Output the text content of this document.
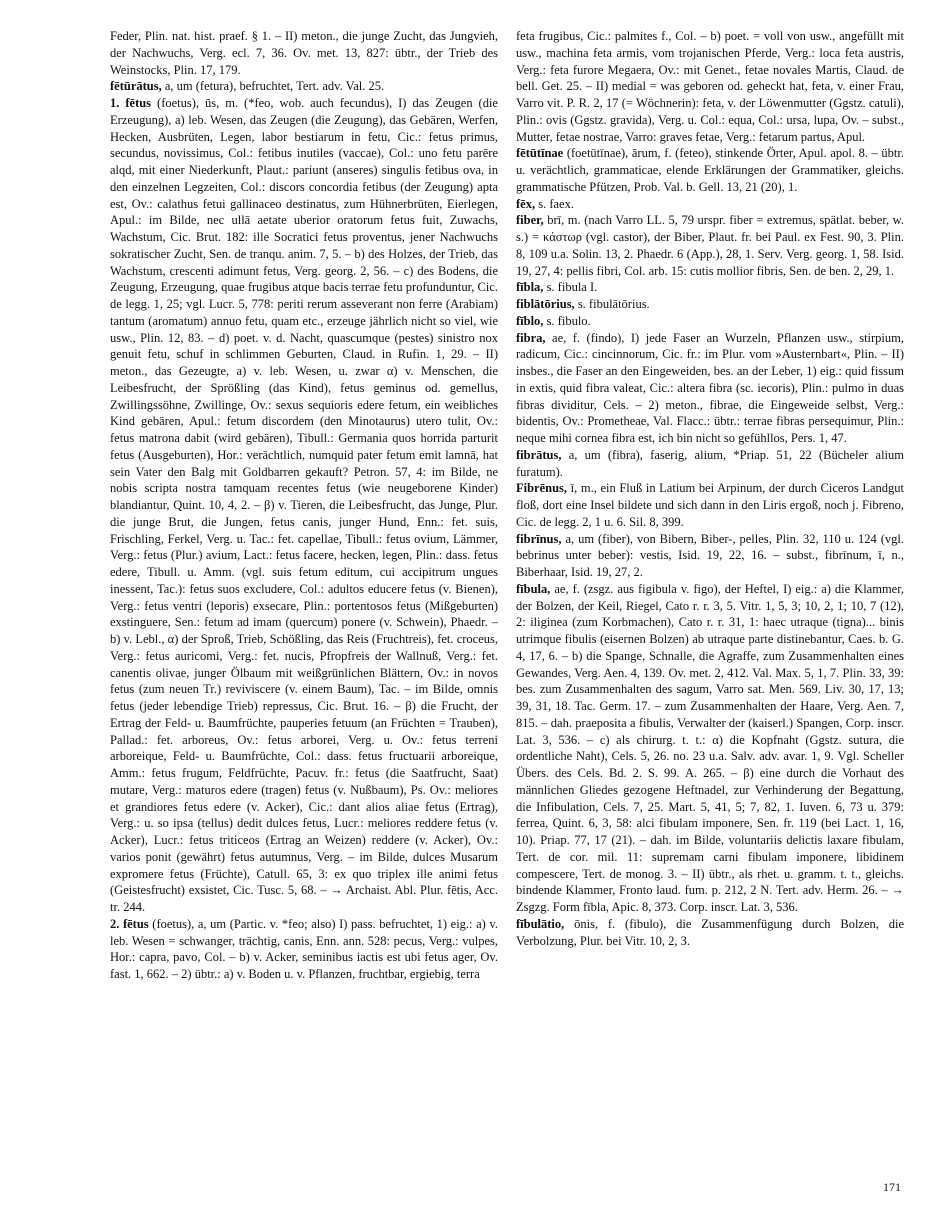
Feder, Plin. nat. hist. praef. § 1. – II) meton., die junge Zucht, das Jungvieh, der Nachwuchs, Verg. ecl. 7, 36. Ov. met. 13, 827: übtr., der Trieb des Weinstocks, Plin. 17, 179.

fētūrātus, a, um (fetura), befruchtet, Tert. adv. Val. 25.

1. fētus (foetus), ūs, m. (*feo, wob. auch fecundus), I) das Zeugen (die Erzeugung), a) leb. Wesen, das Zeugen (die Zeugung), das Gebären, Werfen, Hecken, Ausbrüten, Legen, labor bestiarum in fetu, Cic.: fetus primus, secundus, novissimus, Col.: fetibus inutiles (vaccae), Col.: uno fetu parēre alqd, mit einer Niederkunft, Plaut.: pariunt (anseres) singulis fetibus ova, in den einzelnen Legzeiten, Col.: discors concordia fetibus (der Zeugung) apta est, Ov.: calathus fetui gallinaceo destinatus, zum Hühnerbrüten, Eierlegen, Apul.: im Bilde, nec ullā aetate uberior oratorum fetus fuit, Zuwachs, Wachstum, Cic. Brut. 182: ille Socratici fetus proventus, jener Nachwuchs sokratischer Zucht, Sen. de tranqu. anim. 7, 5. – b) des Holzes, der Trieb, das Wachstum, crescenti adimunt fetus, Verg. georg. 2, 56. – c) des Bodens, die Zeugung, Erzeugung, quae frugibus atque bacis terrae fetu profunduntur, Cic. de legg. 1, 25; vgl. Lucr. 5, 778: periti rerum asseverant non ferre (Arabiam) tantum (aromatum) annuo fetu, quam etc., erzeuge jährlich nicht so viel, wie usw., Plin. 12, 83. – d) poet. v. d. Nacht, quascumque (pestes) sinistro nox genuit fetu, schuf in schlimmen Geburten, Claud. in Rufin. 1, 29. – II) meton., das Gezeugte, a) v. leb. Wesen, u. zwar α) v. Menschen, die Leibesfrucht, der Sprößling (das Kind), fetus geminus od. gemellus, Zwillingssöhne, Zwillinge, Ov.: sexus sequioris edere fetum, ein weibliches Kind gebären, Apul.: fetum discordem (den Minotaurus) utero tulit, Ov.: fetus matrona dabit (wird gebären), Tibull.: Germania quos horrida parturit fetus (Ausgeburten), Hor.: verāchtlich, numquid pater fetum emit lamnā, hat sein Vater den Balg mit Goldbarren gekauft? Petron. 57, 4: im Bilde, ne nobis scripta nostra tamquam recentes fetus (wie neugeborene Kinder) blandiantur, Quint. 10, 4, 2. – β) v. Tieren, die Leibesfrucht, das Junge, Plur. die junge Brut, die Jungen, fetus canis, junger Hund, Enn.: fet. suis, Frischling, Ferkel, Verg. u. Tac.: fet. capellae, Tibull.: fetus ovium, Lämmer, Verg.: fetus (Plur.) avium, Lact.: fetus facere, hecken, legen, Plin.: dass. fetus edere, Tibull. u. Amm. (vgl. suis fetum editum, cui accipitrum ungues inessent, Tac.): fetus suos excludere, Col.: adultos educere fetus (v. Bienen), Verg.: fetus ventri (leporis) exsecare, Plin.: portentosos fetus (Mißgeburten) exstinguere, Sen.: fetum ad imam (quercum) ponere (v. Schwein), Phaedr. – b) v. Lebl., α) der Sproß, Trieb, Schößling, das Reis (Fruchtreis), fet. croceus, Verg.: fetus auricomi, Verg.: fet. nucis, Pfropfreis der Wallnuß, Verg.: fet. canentis olivae, junger Ölbaum mit weißgrünlichen Blättern, Ov.: in novos fetus (zum neuen Tr.) reviviscere (v. einem Baum), Tac. – im Bilde, omnis fetus (jeder lebendige Trieb) repressus, Cic. Brut. 16. – β) die Frucht, der Ertrag der Feld- u. Baumfrüchte, pauperies fetuum (an Früchten = Trauben), Pallad.: fet. arboreus, Ov.: fetus arborei, Verg. u. Ov.: fetus terreni arboreique, Feld- u. Baumfrüchte, Col.: dass. fetus fructuarii arboreique, Amm.: fetus frugum, Feldfrüchte, Pacuv. fr.: fetus (die Saatfrucht, Saat) mutare, Verg.: maturos edere (tragen) fetus (v. Nußbaum), Ps. Ov.: meliores et grandiores fetus edere (v. Acker), Cic.: dant alios aliae fetus (Ertrag), Verg.: u. so ipsa (tellus) dedit dulces fetus, Lucr.: meliores reddere fetus (v. Acker), Lucr.: fetus triticeos (Ertrag an Weizen) reddere (v. Acker), Ov.: varios ponit (gewährt) fetus autumnus, Verg. – im Bilde, dulces Musarum expromere fetus (Früchte), Catull. 65, 3: ex quo triplex ille animi fetus (Geistesfrucht) exsistet, Cic. Tusc. 5, 68. – → Archaist. Abl. Plur. fētis, Acc. tr. 244.

2. fētus (foetus), a, um (Partic. v. *feo; also) I) pass. befruchtet, 1) eig.: a) v. leb. Wesen = schwanger, trächtig, canis, Enn. ann. 528: pecus, Verg.: vulpes, Hor.: capra, pavo, Col. – b) v. Acker, seminibus iactis est ubi fetus ager, Ov. fast. 1, 662. – 2) übtr.: a) v. Boden u. v. Pflanzen, fruchtbar, ergiebig, terra

feta frugibus, Cic.: palmites f., Col. – b) poet. = voll von usw., angefüllt mit usw., machina feta armis, vom trojanischen Pferde, Verg.: loca feta austris, Verg.: feta furore Megaera, Ov.: mit Genet., fetae novales Martis, Claud. de bell. Get. 25. – II) medial = was geboren od. geheckt hat, feta, v. einer Frau, Varro vit. P. R. 2, 17 (= Wöchnerin): feta, v. der Löwenmutter (Ggstz. catuli), Plin.: ovis (Ggstz. gravida), Verg. u. Col.: equa, Col.: ursa, lupa, Ov. – subst., Mutter, fetae nostrae, Varro: graves fetae, Verg.: fetarum partus, Apul.

fētūtīnae (foetūtīnae), ārum, f. (feteo), stinkende Örter, Apul. apol. 8. – übtr. u. verächtlich, grammaticae, elende Erklärungen der Grammatiker, gleichs. grammatische Pfützen, Prob. Val. b. Gell. 13, 21 (20), 1.

fēx, s. faex.

fiber, brī, m. (nach Varro LL. 5, 79 urspr. fiber = extremus, spätlat. beber, w. s.) = κάστωρ (vgl. castor), der Biber, Plaut. fr. bei Paul. ex Fest. 90, 3. Plin. 8, 109 u.a. Solin. 13, 2. Phaedr. 6 (App.), 28, 1. Serv. Verg. georg. 1, 58. Isid. 19, 27, 4: pellis fibri, Col. arb. 15: cutis mollior fibris, Sen. de ben. 2, 29, 1.

fībla, s. fibula I.

fiblātōrius, s. fibulātōrius.

fīblo, s. fibulo.

fibra, ae, f. (findo), I) jede Faser an Wurzeln, Pflanzen usw., stirpium, radicum, Cic.: cincinnorum, Cic. fr.: im Plur. vom »Austernbart«, Plin. – II) insbes., die Faser an den Eingeweiden, bes. an der Leber, 1) eig.: quid fissum in extis, quid fibra valeat, Cic.: altera fibra (sc. iecoris), Plin.: pulmo in duas fibras dividitur, Cels. – 2) meton., fibrae, die Eingeweide selbst, Verg.: bidentis, Ov.: Prometheae, Val. Flacc.: übtr.: terrae fibras persequimur, Plin.: neque mihi cornea fibra est, ich bin nicht so gefühllos, Pers. 1, 47.

fibrātus, a, um (fibra), faserig, alium, *Priap. 51, 22 (Bücheler alium furatum).

Fibrēnus, ī, m., ein Fluß in Latium bei Arpinum, der durch Ciceros Landgut floß, dort eine Insel bildete und sich dann in den Liris ergoß, noch j. Fibreno, Cic. de legg. 2, 1 u. 6. Sil. 8, 399.

fibrīnus, a, um (fiber), von Bibern, Biber-, pelles, Plin. 32, 110 u. 124 (vgl. bebrinus unter beber): vestis, Isid. 19, 22, 16. – subst., fibrīnum, ī, n., Biberhaar, Isid. 19, 27, 2.

fībula, ae, f. (zsgz. aus figibula v. figo), der Heftel, I) eig.: a) die Klammer, der Bolzen, der Keil, Riegel, Cato r. r. 3, 5. Vitr. 1, 5, 3; 10, 2, 1; 10, 7 (12), 2: iliginea (zum Korbmachen), Cato r. r. 31, 1: haec utraque (tigna)... binis utrimque fibulis (eisernen Bolzen) ab utraque parte distinebantur, Caes. b. G. 4, 17, 6. – b) die Spange, Schnalle, die Agraffe, zum Zusammenhalten eines Gewandes, Verg. Aen. 4, 139. Ov. met. 2, 412. Val. Max. 5, 1, 7. Plin. 33, 39: bes. zum Zusammenhalten des sagum, Varro sat. Men. 569. Liv. 30, 17, 13; 39, 31, 18. Tac. Germ. 17. – zum Zusammenhalten der Haare, Verg. Aen. 7, 815. – dah. praeposita a fibulis, Verwalter der (kaiserl.) Spangen, Corp. inscr. Lat. 3, 536. – c) als chirurg. t. t.: α) die Kopfnaht (Ggstz. sutura, die ordentliche Naht), Cels. 5, 26. no. 23 u.a. Salv. adv. avar. 1, 9. Vgl. Scheller Übers. des Cels. Bd. 2. S. 99. A. 265. – β) eine durch die Vorhaut des männlichen Gliedes gezogene Heftnadel, zur Verhinderung der Begattung, die Infibulation, Cels. 7, 25. Mart. 5, 41, 5; 7, 82, 1. Iuven. 6, 73 u. 379: ferrea, Quint. 6, 3, 58: alci fibulam imponere, Sen. fr. 119 (bei Lact. 1, 16, 10). Priap. 77, 17 (21). – dah. im Bilde, voluntariis delictis laxare fibulam, Tert. de cor. mil. 11: supremam carni fibulam imponere, libidinem compescere, Tert. de monog. 3. – II) übtr., als rhet. u. gramm. t. t., gleichs. bindende Klammer, Fronto laud. fum. p. 212, 2 N. Tert. adv. Herm. 26. – → Zsgzg. Form fībla, Apic. 8, 373. Corp. inscr. Lat. 3, 536.

fībulātio, ōnis, f. (fibulo), die Zusammenfügung durch Bolzen, die Verbolzung, Plur. bei Vitr. 10, 2, 3.

171
